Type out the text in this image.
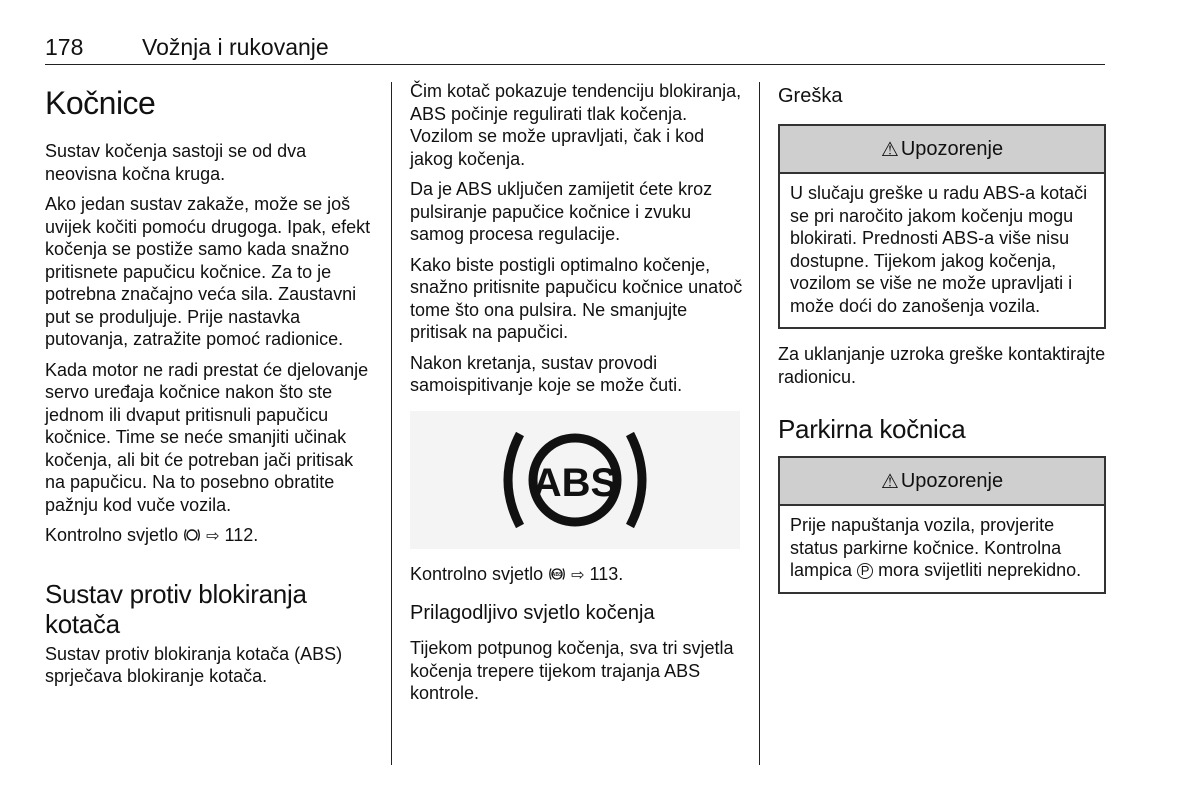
178	Vožnja i rukovanje
Kočnice

Sustav kočenja sastoji se od dva neovisna kočna kruga.

Ako jedan sustav zakaže, može se još uvijek kočiti pomoću drugoga. Ipak, efekt kočenja se postiže samo kada snažno pritisnete papučicu kočnice. Za to je potrebna značajno veća sila. Zaustavni put se produljuje. Prije nastavka putovanja, zatražite pomoć radionice.

Kada motor ne radi prestat će djelovanje servo uređaja kočnice nakon što ste jednom ili dvaput pritisnuli papučicu kočnice. Time se neće smanjiti učinak kočenja, ali bit će potreban jači pritisak na papučicu. Na to posebno obratite pažnju kod vuče vozila.

Kontrolno svjetlo ⇨ 112.

Sustav protiv blokiranja kotača

Sustav protiv blokiranja kotača (ABS) sprječava blokiranje kotača.

Čim kotač pokazuje tendenciju blokiranja, ABS počinje regulirati tlak kočenja. Vozilom se može upravljati, čak i kod jakog kočenja.

Da je ABS uključen zamijetit ćete kroz pulsiranje papučice kočnice i zvuku samog procesa regulacije.

Kako biste postigli optimalno kočenje, snažno pritisnite papučicu kočnice unatoč tome što ona pulsira. Ne smanjujte pritisak na papučici.

Nakon kretanja, sustav provodi samoispitivanje koje se može čuti.

ABS

Kontrolno svjetlo ABS ⇨ 113.

Prilagodljivo svjetlo kočenja

Tijekom potpunog kočenja, sva tri svjetla kočenja trepere tijekom trajanja ABS kontrole.

Greška
⚠ Upozorenje

U slučaju greške u radu ABS-a kotači se pri naročito jakom kočenju mogu blokirati. Prednosti ABS-a više nisu dostupne. Tijekom jakog kočenja, vozilom se više ne može upravljati i može doći do zanošenja vozila.

Za uklanjanje uzroka greške kontaktirajte radionicu.

Parkirna kočnica
⚠ Upozorenje

Prije napuštanja vozila, provjerite status parkirne kočnice. Kontrolna lampica P mora svijetliti neprekidno.
